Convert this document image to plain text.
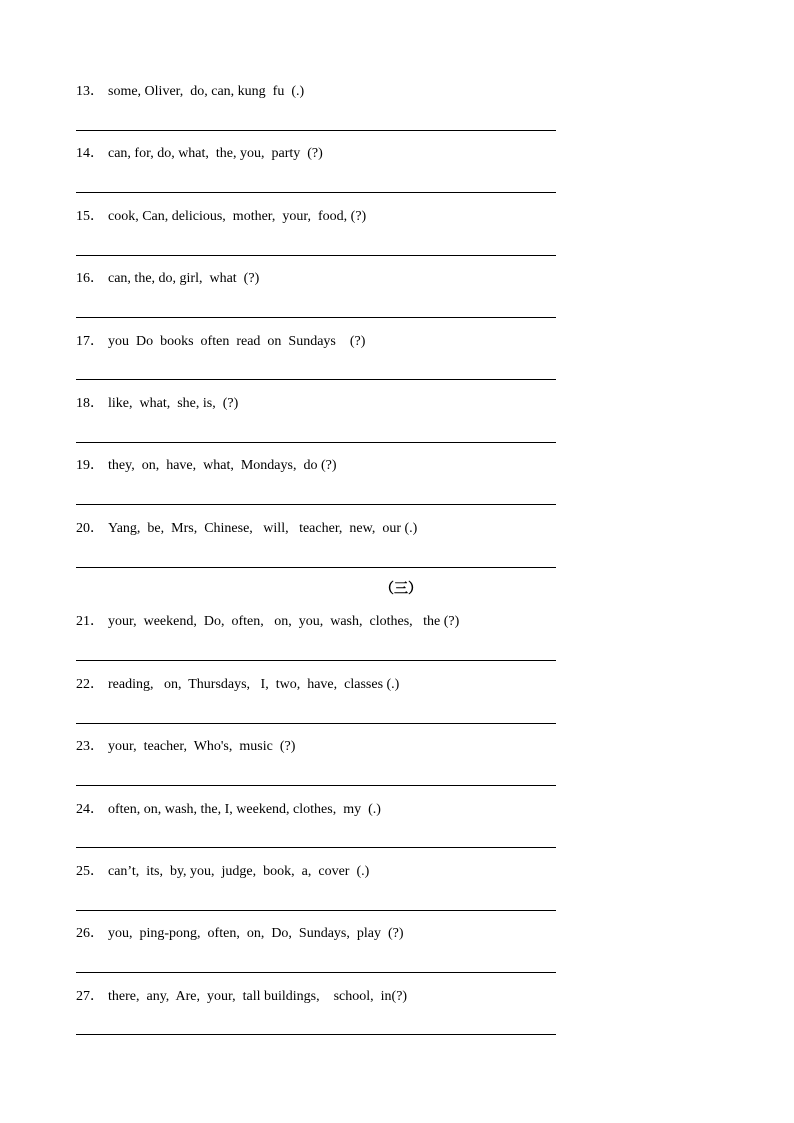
13． some, Oliver,  do, can, kung  fu  (.)
14． can, for, do, what,  the, you,  party  (?)
15． cook, Can, delicious,  mother,  your,  food, (?)
16． can, the, do, girl,  what  (?)
17． you  Do  books  often  read  on  Sundays    (?)
18． like,  what,  she, is,  (?)
19． they,  on,  have,  what,  Mondays,  do (?)
20． Yang,  be,  Mrs,  Chinese,   will,   teacher,  new,  our (.)
（三）
21． your,  weekend,  Do,  often,   on,  you,  wash,  clothes,   the (?)
22． reading,   on,  Thursdays,   I,  two,  have,  classes (.)
23． your,  teacher,  Who's,  music  (?)
24． often, on, wash, the, I, weekend, clothes,  my  (.)
25． can’t,  its,  by, you,  judge,  book,  a,  cover  (.)
26． you,  ping-pong,  often,  on,  Do,  Sundays,  play  (?)
27． there,  any,  Are,  your,  tall buildings,    school,  in(?)
